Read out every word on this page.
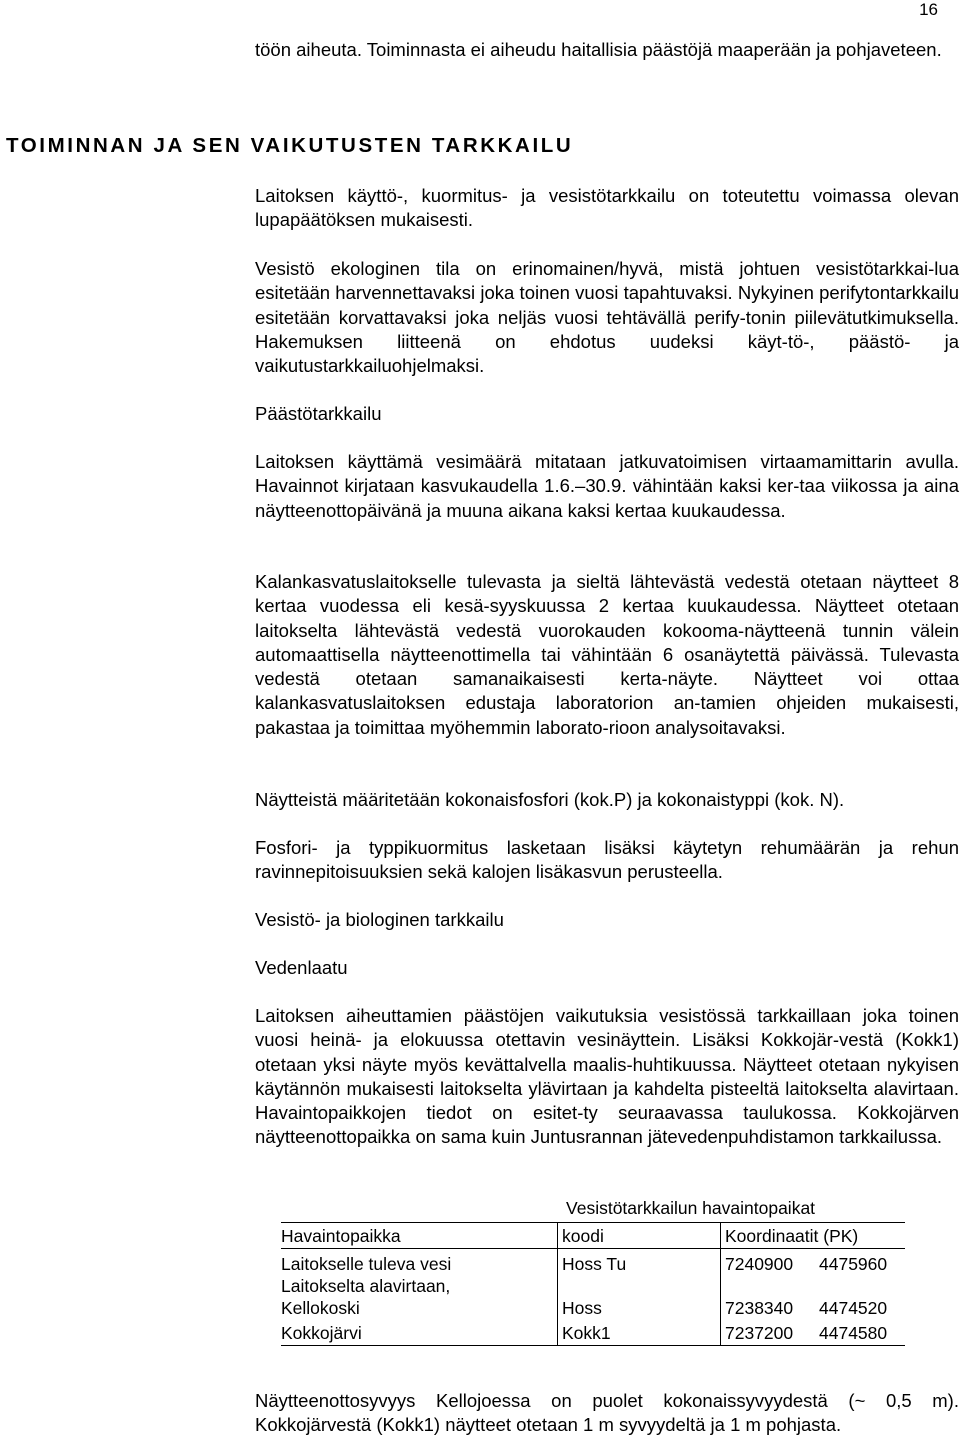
16

töön aiheuta. Toiminnasta ei aiheudu haitallisia päästöjä maaperään ja pohjaveteen.

TOIMINNAN JA SEN VAIKUTUSTEN TARKKAILU

Laitoksen käyttö-, kuormitus- ja vesistötarkkailu on toteutettu voimassa olevan lupapäätöksen mukaisesti.

Vesistö ekologinen tila on erinomainen/hyvä, mistä johtuen vesistötarkkai-lua esitetään harvennettavaksi joka toinen vuosi tapahtuvaksi. Nykyinen perifytontarkkailu esitetään korvattavaksi joka neljäs vuosi tehtävällä perify-tonin piilevätutkimuksella. Hakemuksen liitteenä on ehdotus uudeksi käyt-tö-, päästö- ja vaikutustarkkailuohjelmaksi.

Päästötarkkailu

Laitoksen käyttämä vesimäärä mitataan jatkuvatoimisen virtaamamittarin avulla. Havainnot kirjataan kasvukaudella 1.6.–30.9. vähintään kaksi ker-taa viikossa ja aina näytteenottopäivänä ja muuna aikana kaksi kertaa kuukaudessa.

Kalankasvatuslaitokselle tulevasta ja sieltä lähtevästä vedestä otetaan näytteet 8 kertaa vuodessa eli kesä-syyskuussa 2 kertaa kuukaudessa. Näytteet otetaan laitokselta lähtevästä vedestä vuorokauden kokooma-näytteenä tunnin välein automaattisella näytteenottimella tai vähintään 6 osanäytettä päivässä. Tulevasta vedestä otetaan samanaikaisesti kerta-näyte. Näytteet voi ottaa kalankasvatuslaitoksen edustaja laboratorion an-tamien ohjeiden mukaisesti, pakastaa ja toimittaa myöhemmin laborato-rioon analysoitavaksi.

Näytteistä määritetään kokonaisfosfori (kok.P) ja kokonaistyppi (kok. N).

Fosfori- ja typpikuormitus lasketaan lisäksi käytetyn rehumäärän ja rehun ravinnepitoisuuksien sekä kalojen lisäkasvun perusteella.

Vesistö- ja biologinen tarkkailu
Vedenlaatu

Laitoksen aiheuttamien päästöjen vaikutuksia vesistössä tarkkaillaan joka toinen vuosi heinä- ja elokuussa otettavin vesinäyttein. Lisäksi Kokkojär-vestä (Kokk1) otetaan yksi näyte myös kevättalvella maalis-huhtikuussa. Näytteet otetaan nykyisen käytännön mukaisesti laitokselta ylävirtaan ja kahdelta pisteeltä laitokselta alavirtaan. Havaintopaikkojen tiedot on esitet-ty seuraavassa taulukossa. Kokkojärven näytteenottopaikka on sama kuin Juntusrannan jätevedenpuhdistamon tarkkailussa.

Vesistötarkkailun havaintopaikat
Havaintopaikka	koodi	Koordinaatit (PK)	
Laitokselle tuleva vesi	Hoss Tu	7240900	4475960
Laitokselta alavirtaan,
Kellokoski	Hoss	7238340	4474520
Kokkojärvi	Kokk1	7237200	4474580

Näytteenottosyvyys Kellojoessa on puolet kokonaissyvyydestä (~ 0,5 m). Kokkojärvestä (Kokk1) näytteet otetaan 1 m syvyydeltä ja 1 m pohjasta.
